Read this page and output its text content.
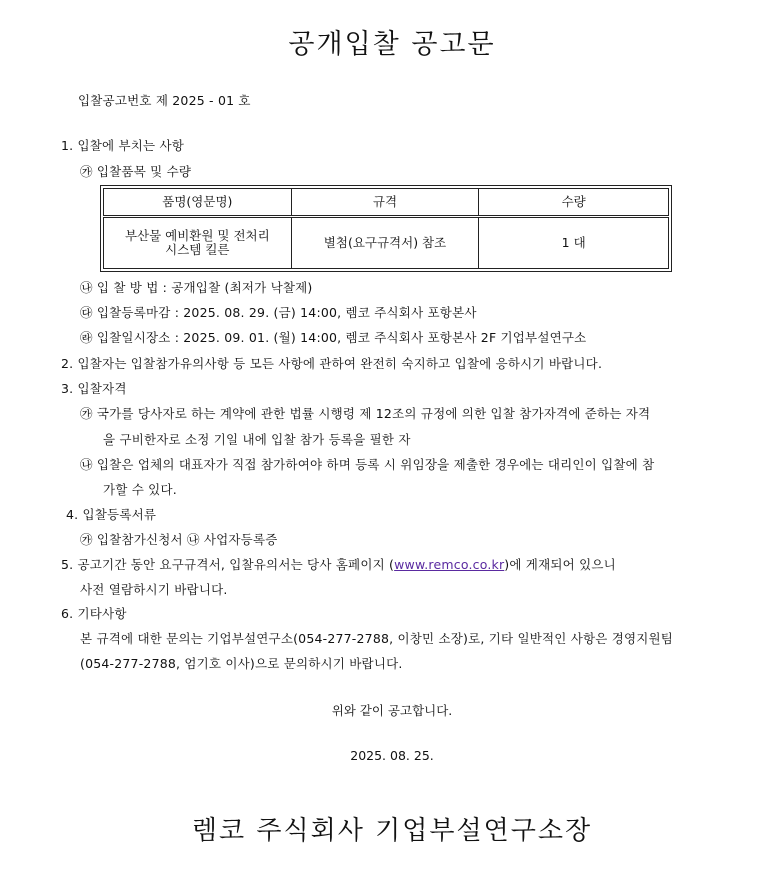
공개입찰 공고문
입찰공고번호 제 2025 - 01 호
1. 입찰에 부치는 사항
㉮ 입찰품목 및 수량
품명(영문명)	규격	수량

부산물 예비환원 및 전처리
시스템 킬른	별첨(요구규격서) 참조	1 대
㉯ 입 찰 방 법 : 공개입찰 (최저가 낙찰제)
㉰ 입찰등록마감 : 2025. 08. 29. (금) 14:00, 렘코 주식회사 포항본사
㉱ 입찰일시장소 : 2025. 09. 01. (월) 14:00, 렘코 주식회사 포항본사 2F 기업부설연구소
2. 입찰자는 입찰참가유의사항 등 모든 사항에 관하여 완전히 숙지하고 입찰에 응하시기 바랍니다.
3. 입찰자격
㉮ 국가를 당사자로 하는 계약에 관한 법률 시행령 제 12조의 규정에 의한 입찰 참가자격에 준하는 자격
을 구비한자로 소정 기일 내에 입찰 참가 등록을 필한 자
㉯ 입찰은 업체의 대표자가 직접 참가하여야 하며 등록 시 위임장을 제출한 경우에는 대리인이 입찰에 참
가할 수 있다.
4. 입찰등록서류
㉮ 입찰참가신청서 ㉯ 사업자등록증
5. 공고기간 동안 요구규격서, 입찰유의서는 당사 홈페이지 (www.remco.co.kr)에 게재되어 있으니
사전 열람하시기 바랍니다.
6. 기타사항
본 규격에 대한 문의는 기업부설연구소(054-277-2788, 이창민 소장)로, 기타 일반적인 사항은 경영지원팀
(054-277-2788, 엄기호 이사)으로 문의하시기 바랍니다.
위와 같이 공고합니다.
2025. 08. 25.
렘코 주식회사 기업부설연구소장
